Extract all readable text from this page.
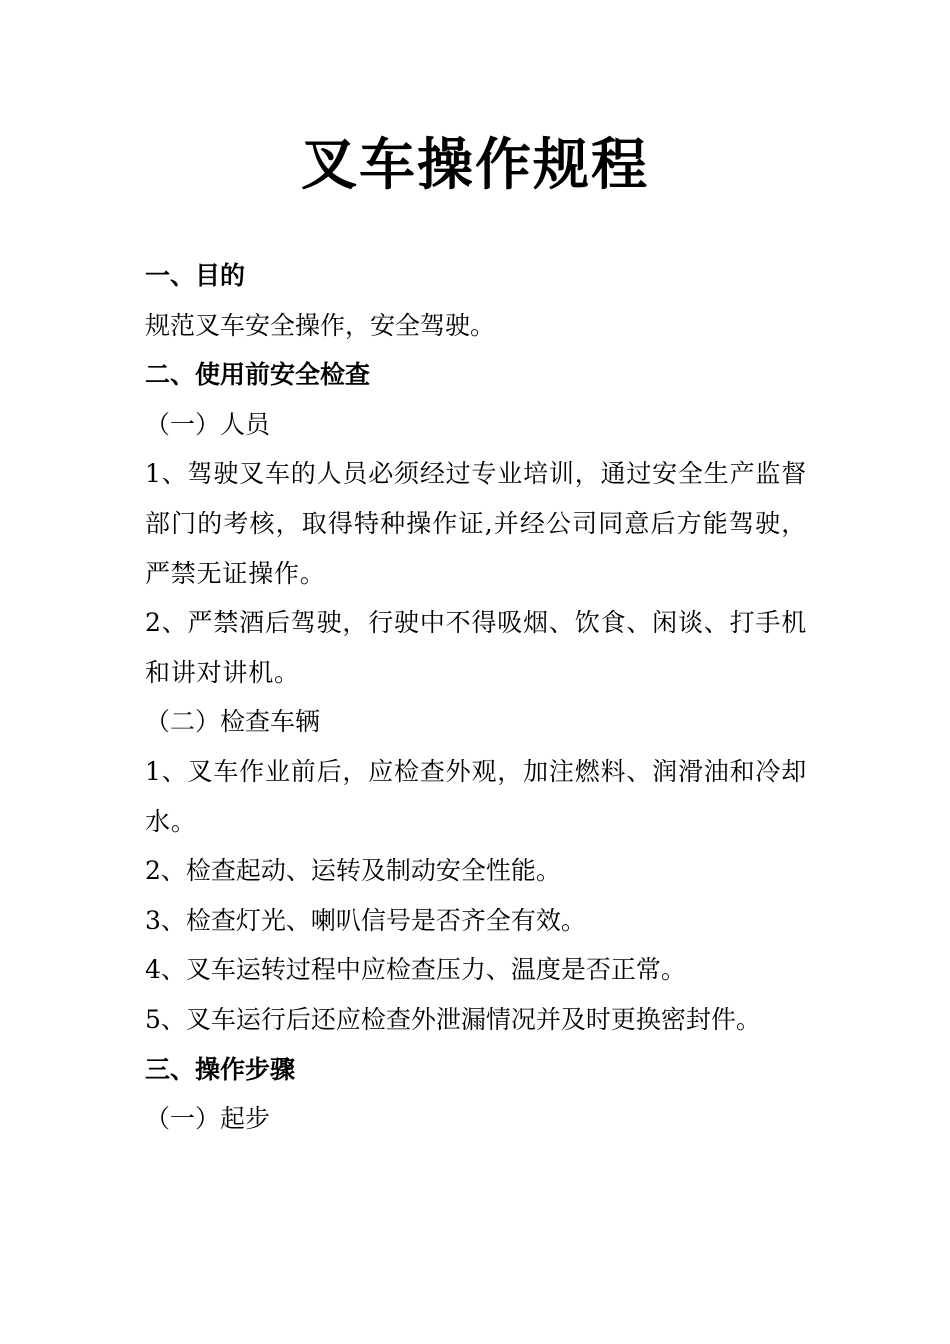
叉车操作规程

一、目的

规范叉车安全操作，安全驾驶。

二、使用前安全检查

（一）人员

1、驾驶叉车的人员必须经过专业培训，通过安全生产监督部门的考核，取得特种操作证,并经公司同意后方能驾驶，严禁无证操作。

2、严禁酒后驾驶，行驶中不得吸烟、饮食、闲谈、打手机和讲对讲机。

（二）检查车辆

1、叉车作业前后，应检查外观，加注燃料、润滑油和冷却水。

2、检查起动、运转及制动安全性能。

3、检查灯光、喇叭信号是否齐全有效。

4、叉车运转过程中应检查压力、温度是否正常。

5、叉车运行后还应检查外泄漏情况并及时更换密封件。

三、操作步骤

（一）起步
